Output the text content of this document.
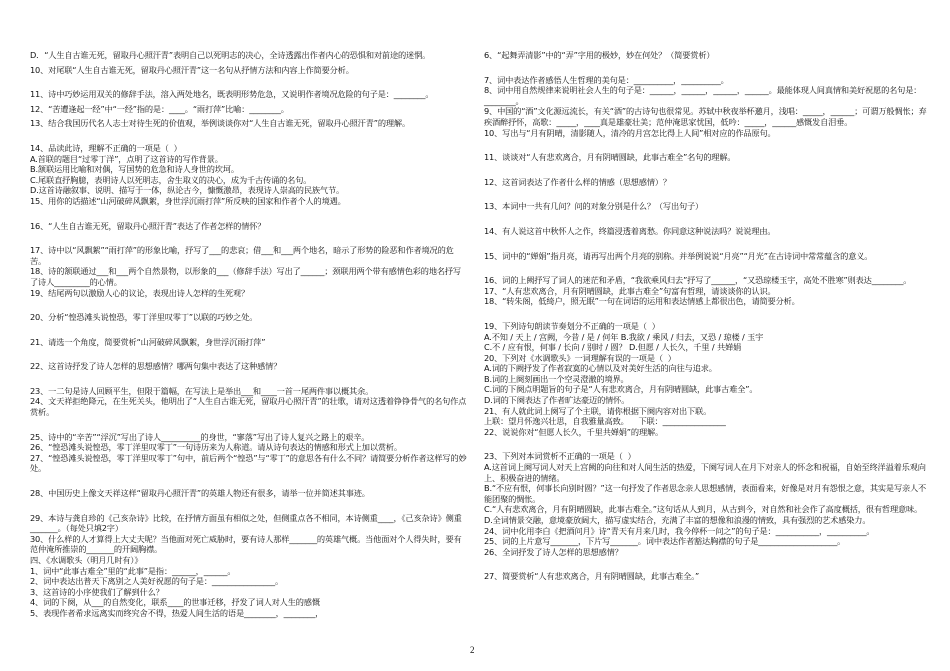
D．“人生自古谁无死，留取丹心照汗青”表明自己以死明志的决心，全诗透露出作者内心的恐惧和对前途的迷惘。

10、对尾联“人生自古谁无死，留取丹心照汗青”这一名句从抒情方法和内容上作简要分析。

11、诗中巧妙运用双关的修辞手法，溶入两处地名，既表明形势危急，又说明作者境况危险的句子是：________。

12、“苦遭逢起一经”中“一经”指的是：____。“雨打萍”比喻：________。

13、结合我国历代名人志士对待生死的价值观，举例谈谈你对“人生自古谁无死，留取丹心照汗青”的理解。

14、品读此诗，理解不正确的一项是（  ）
A.首联的题目“过零丁洋”，点明了这首诗的写作背景。
B.颔联运用比喻和对偶，写国势的危急和诗人身世的坎坷。
C.尾联直抒胸臆，表明诗人以死明志，舍生取义的决心，成为千古传诵的名句。
D.这首诗融叙事、说明、描写于一体，纵论古今，慷慨激昂，表现诗人崇高的民族气节。
15、用你的话描述“山河破碎风飘絮，身世浮沉雨打萍”所反映的国家和作者个人的境遇。

16、“人生自古谁无死，留取丹心照汗青”表达了作者怎样的情怀？

17、诗中以“风飘絮”“雨打萍”的形象比喻，抒写了___的悲哀；借___和___两个地名，暗示了形势的险恶和作者境况的危苦。
18、诗的颔联通过___和___两个自然景物，以形象的___（修辞手法）写出了______；颈联用两个带有感情色彩的地名抒写了诗人_________的心情。
19、结尾两句以激励人心的议论，表现出诗人怎样的生死观？

20、分析“惶恐滩头说惶恐，零丁洋里叹零丁”以联的巧妙之处。

21、请选一个角度，简要赏析“山河破碎风飘絮，身世浮沉雨打萍”

22、这首诗抒发了诗人怎样的思想感情？哪两句集中表达了这种感情？

23、一二句是诗人回顾平生，但限于篇幅，在写法上是举出___和____一首一尾两件事以概其余。
24、文天祥拒绝降元，在生死关头，他明出了“人生自古谁无死，留取丹心照汗青”的壮歌，请对这透着铮铮骨气的名句作点赏析。

25、诗中的“辛苦”“浮沉”写出了诗人__________的身世，“寥落”写出了诗人复兴之路上的艰辛。
26、“惶恐滩头说惶恐，零丁洋里叹零丁”一句诗历来为人称道。请从诗句表达的情感和形式上加以赏析。
27、“惶恐滩头说惶恐，零丁洋里叹零丁”句中，前后两个“惶恐”与“零丁”的意思各有什么不同？请简要分析作者这样写的妙处。

28、中国历史上像文天祥这样“留取丹心照汗青”的英雄人物还有很多，请举一位并简述其事迹。

29、本诗与龚自珍的《己亥杂诗》比较，在抒情方面虽有相似之处，但侧重点各不相同，本诗侧重____，《己亥杂诗》侧重_______。（每处只填2字）
30、什么样的人才算得上大丈夫呢？当他面对死亡威胁时，要有诗人那样_______的英雄气概。当他面对个人得失时，要有范仲淹所推崇的_______的开阔胸襟。
四、《水调歌头（明月几时有）》
1、词中“此事古难全”里的“此事”是指：______，______。
2、词中表达出普天下离别之人美好祝愿的句子是：________________。
3、这首诗的小序使我们了解到什么？
4、词的下阕，从___的自然变化，联系____的世事迁移，抒发了词人对人生的感慨
5、表现作者希求远离实而终究舍不得，热爱人间生活的语是________，________，

6、“起舞弄清影”中的“弄”字用的极妙，妙在何处？（简要赏析）

7、词中表达作者感悟人生哲理的美句是：__________，__________。
8、词中用自然规律来说明社会人生的句子是：______，______，______，______。最能体现人间真情和美好祝愿的名句是：________。
9、中国的“酒”文化源远流长，有关“酒”的古诗句也很常见。苏轼中秋夜举杯邀月，浅唱：_____，______；可谓万般惆怅；弃疾酒醉抒怀，高歌：_____，____真是雄豪壮美；范仲淹思家忧国，低吟：_____，______感慨发自泪垂。
10、写出与“月有阴晴，清影随人，清冷的月宫怎比得上人间”相对应的作品原句。

11、谈谈对“人有悲欢离合，月有阴晴圆缺，此事古难全”名句的理解。

12、这首词表达了作者什么样的情感（思想感情）？

13、本词中一共有几问？问的对象分别是什么？（写出句子）

14、有人说这首中秋怀人之作，终篇浸透着离愁。你同意这种说法吗？说说理由。

15、词中的“婵娟”指月亮，请再写出两个月亮的别称。并举例说说“月亮”“月光”在古诗词中常常蕴含的意义。

16、词的上阙抒写了词人的迷茫和矛盾，“我欲乘风归去”抒写了______，“又恐琼楼玉宇，高处不胜寒”则表达________。
17、“人有悲欢离合，月有阴晴圆缺，此事古难全”句富有哲理，请谈谈你的认识。
18、“转朱阁，低绮户，照无眠”一句在词语的运用和表达情感上都很出色，请简要分析。

19、下列诗句朗读节奏划分不正确的一项是（  ）
A.不知 / 天上 / 宫阙，今昔 / 是 / 何年 B.我欲 / 乘风 / 归去，又恐 / 琼楼 / 玉宇
C.不 / 应有恨，何事 / 长向 / 别时 / 圆？ D.但愿 / 人长久，千里 / 共婵娟
20、下列对《水调歌头》一词理解有误的一项是（  ）
A.词的下阙抒发了作者寂寞的心情以及对美好生活的向往与追求。
B.词的上阕刻画出一个空灵澄澈的境界。
C.词的下阕点明题旨的句子是“人有悲欢离合，月有阴晴圆缺，此事古难全”。
D.词的下阕表达了作者旷达豪迈的情怀。
21、有人就此词上阕写了个主联，请你根据下阕内容对出下联。
上联：望月怀逸兴壮思，自我雅量高致。    下联：________________
22、说说你对“但愿人长久，千里共婵娟”的理解。

23、下列对本词赏析不正确的一项是（  ）
A.这首词上阕写词人对天上宫阙的向往和对人间生活的热爱，下阕写词人在月下对亲人的怀念和祝福，自始至终洋溢着乐观向上、积极奋进的情绪。
B.“不应有恨，何事长向别时圆？”这一句抒发了作者思念亲人思想感情，表面看来，好像是对月有怨恨之意，其实是写亲人不能团聚的惆怅。
C.“人有悲欢离合，月有阴晴圆缺，此事古难全。”这句话从人到月，从古到今，对自然和社会作了高度概括，很有哲理意味。
D.全词情景交融，意境豪放阔大，描写虚实结合，充满了丰富的想像和浪漫的情致，具有强烈的艺术感染力。
24、词中化用李白《把酒问月》诗“青天有月来几时，我今停杯一问之”的句子是：___________，__________。
25、词的上片意写_______，下片写_______。词中表达作者豁达胸襟的句子是____________________。
26、全词抒发了诗人怎样的思想感情？

27、简要赏析“人有悲欢离合，月有阴晴圆缺，此事古难全。”

2
